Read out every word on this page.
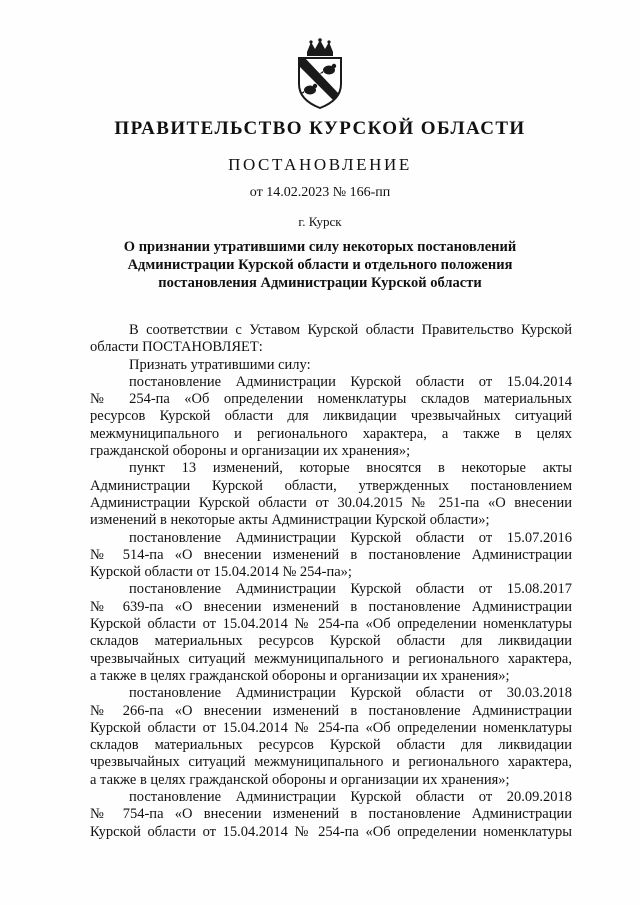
ПРАВИТЕЛЬСТВО КУРСКОЙ ОБЛАСТИ
ПОСТАНОВЛЕНИЕ
от 14.02.2023 № 166-пп
г. Курск
О признании утратившими силу некоторых постановлений
Администрации Курской области и отдельного положения
постановления Администрации Курской области
В соответствии с Уставом Курской области Правительство Курской
области ПОСТАНОВЛЯЕТ:
Признать утратившими силу:
постановление Администрации Курской области от 15.04.2014
№ 254-па «Об определении номенклатуры складов материальных
ресурсов Курской области для ликвидации чрезвычайных ситуаций
межмуниципального и регионального характера, а также в целях
гражданской обороны и организации их хранения»;
пункт 13 изменений, которые вносятся в некоторые акты
Администрации Курской области, утвержденных постановлением
Администрации Курской области от 30.04.2015 № 251-па «О внесении
изменений в некоторые акты Администрации Курской области»;
постановление Администрации Курской области от 15.07.2016
№ 514-па «О внесении изменений в постановление Администрации
Курской области от 15.04.2014 № 254-па»;
постановление Администрации Курской области от 15.08.2017
№ 639-па «О внесении изменений в постановление Администрации
Курской области от 15.04.2014 № 254-па «Об определении номенклатуры
складов материальных ресурсов Курской области для ликвидации
чрезвычайных ситуаций межмуниципального и регионального характера,
а также в целях гражданской обороны и организации их хранения»;
постановление Администрации Курской области от 30.03.2018
№ 266-па «О внесении изменений в постановление Администрации
Курской области от 15.04.2014 № 254-па «Об определении номенклатуры
складов материальных ресурсов Курской области для ликвидации
чрезвычайных ситуаций межмуниципального и регионального характера,
а также в целях гражданской обороны и организации их хранения»;
постановление Администрации Курской области от 20.09.2018
№ 754-па «О внесении изменений в постановление Администрации
Курской области от 15.04.2014 № 254-па «Об определении номенклатуры
